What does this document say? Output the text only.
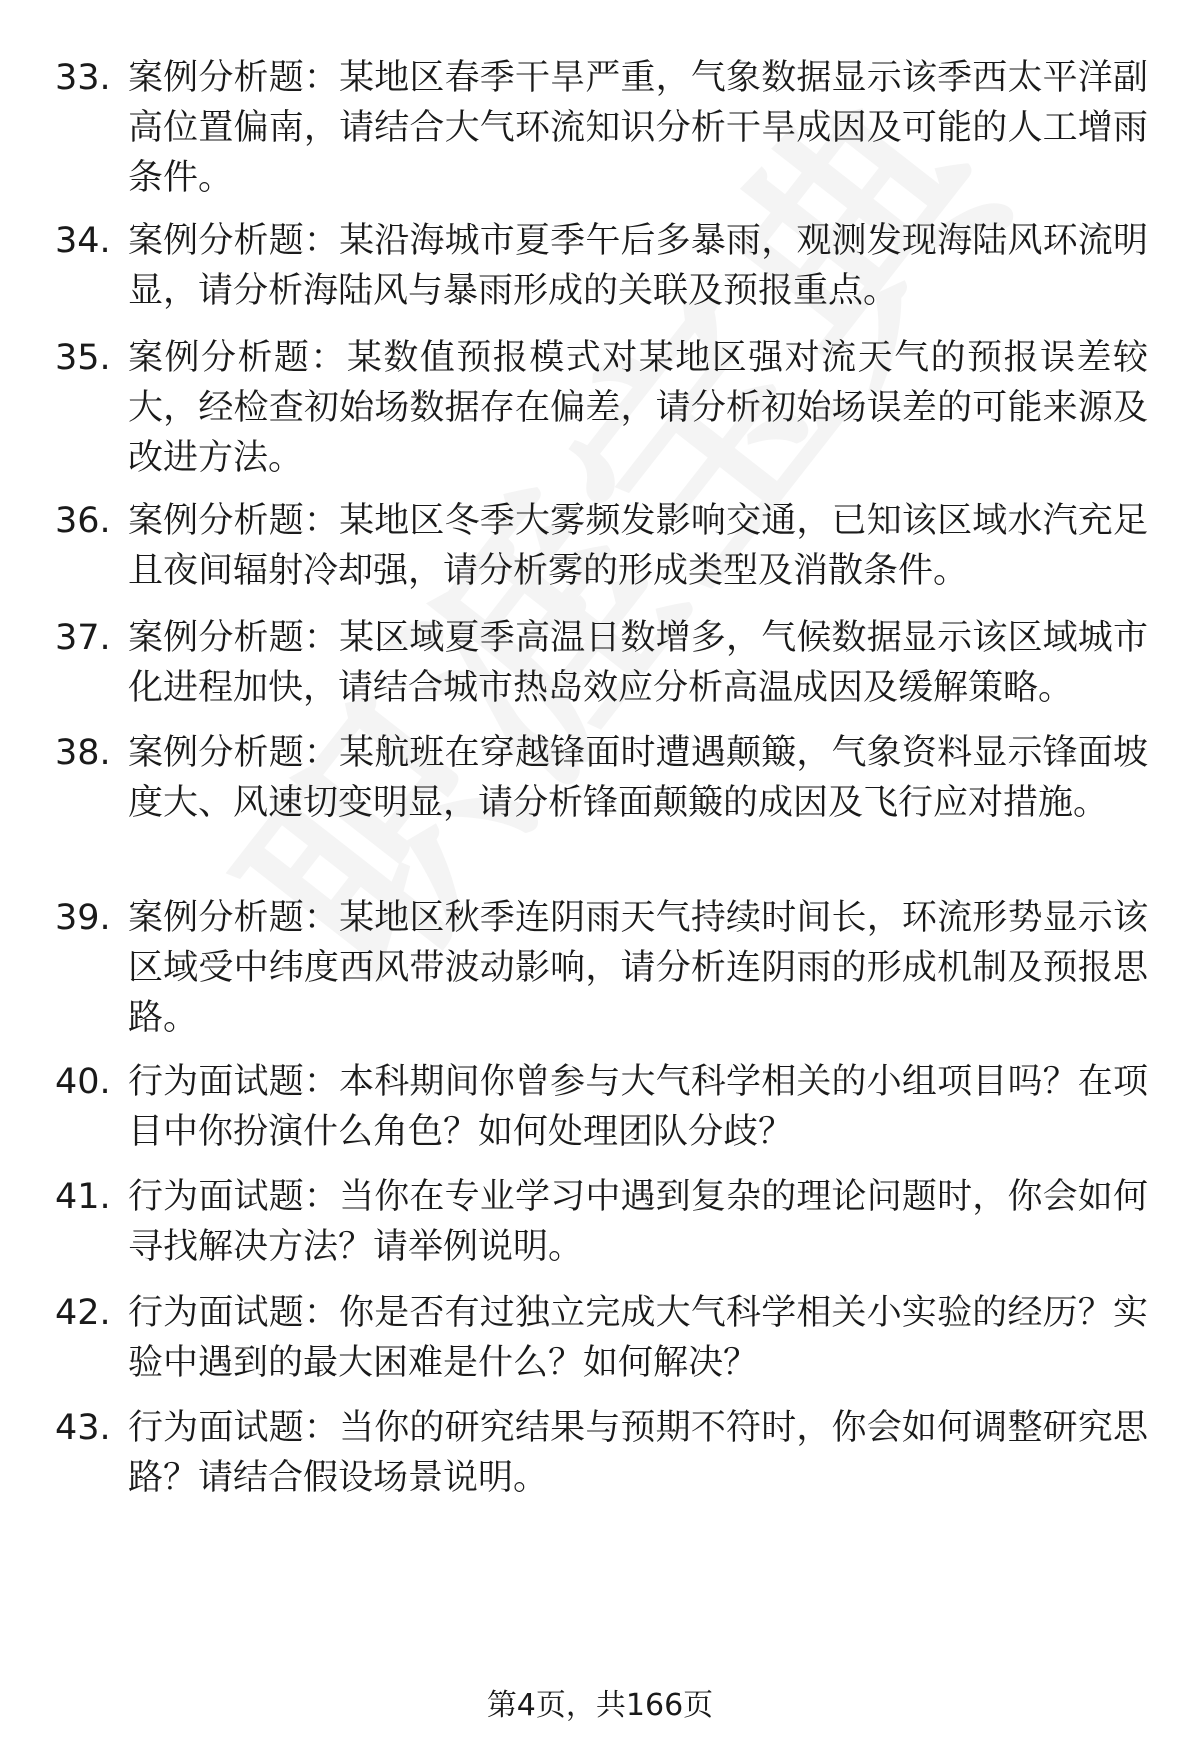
33. 案例分析题：某地区春季干旱严重，气象数据显示该季西太平洋副高位置偏南，请结合大气环流知识分析干旱成因及可能的人工增雨条件。
34. 案例分析题：某沿海城市夏季午后多暴雨，观测发现海陆风环流明显，请分析海陆风与暴雨形成的关联及预报重点。
35. 案例分析题：某数值预报模式对某地区强对流天气的预报误差较大，经检查初始场数据存在偏差，请分析初始场误差的可能来源及改进方法。
36. 案例分析题：某地区冬季大雾频发影响交通，已知该区域水汽充足且夜间辐射冷却强，请分析雾的形成类型及消散条件。
37. 案例分析题：某区域夏季高温日数增多，气候数据显示该区域城市化进程加快，请结合城市热岛效应分析高温成因及缓解策略。
38. 案例分析题：某航班在穿越锋面时遭遇颠簸，气象资料显示锋面坡度大、风速切变明显，请分析锋面颠簸的成因及飞行应对措施。
39. 案例分析题：某地区秋季连阴雨天气持续时间长，环流形势显示该区域受中纬度西风带波动影响，请分析连阴雨的形成机制及预报思路。
40. 行为面试题：本科期间你曾参与大气科学相关的小组项目吗？在项目中你扮演什么角色？如何处理团队分歧？
41. 行为面试题：当你在专业学习中遇到复杂的理论问题时，你会如何寻找解决方法？请举例说明。
42. 行为面试题：你是否有过独立完成大气科学相关小实验的经历？实验中遇到的最大困难是什么？如何解决？
43. 行为面试题：当你的研究结果与预期不符时，你会如何调整研究思路？请结合假设场景说明。
第4页，共166页
